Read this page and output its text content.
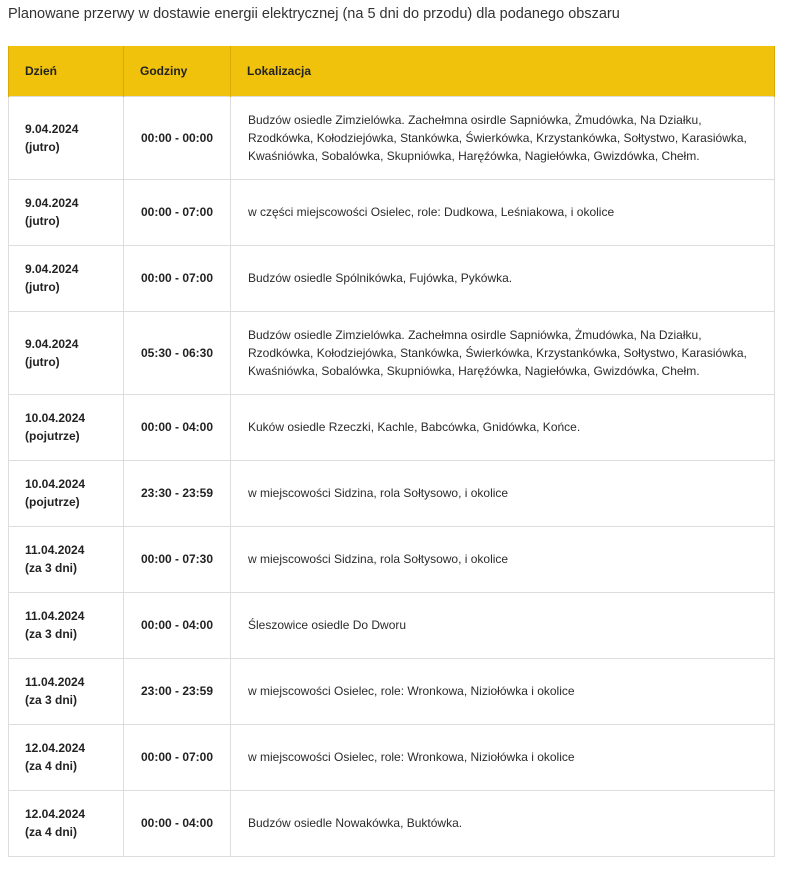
Planowane przerwy w dostawie energii elektrycznej (na 5 dni do przodu) dla podanego obszaru
Dzień	Godziny	Lokalizacja

9.04.2024
(jutro)	00:00 - 00:00	Budzów osiedle Zimzielówka. Zachełmna osirdle Sapniówka, Żmudówka, Na Działku, Rzodkówka, Kołodziejówka, Stankówka, Świerkówka, Krzystankówka, Sołtystwo, Karasiówka, Kwaśniówka, Sobalówka, Skupniówka, Haręźówka, Nagiełówka, Gwizdówka, Chełm.

9.04.2024
(jutro)	00:00 - 07:00	w części miejscowości Osielec, role: Dudkowa, Leśniakowa, i okolice

9.04.2024
(jutro)	00:00 - 07:00	Budzów osiedle Spólnikówka, Fujówka, Pykówka.

9.04.2024
(jutro)	05:30 - 06:30	Budzów osiedle Zimzielówka. Zachełmna osirdle Sapniówka, Żmudówka, Na Działku, Rzodkówka, Kołodziejówka, Stankówka, Świerkówka, Krzystankówka, Sołtystwo, Karasiówka, Kwaśniówka, Sobalówka, Skupniówka, Haręźówka, Nagiełówka, Gwizdówka, Chełm.

10.04.2024
(pojutrze)	00:00 - 04:00	Kuków osiedle Rzeczki, Kachle, Babcówka, Gnidówka, Końce.

10.04.2024
(pojutrze)	23:30 - 23:59	w miejscowości Sidzina, rola Sołtysowo, i okolice

11.04.2024
(za 3 dni)	00:00 - 07:30	w miejscowości Sidzina, rola Sołtysowo, i okolice

11.04.2024
(za 3 dni)	00:00 - 04:00	Śleszowice osiedle Do Dworu

11.04.2024
(za 3 dni)	23:00 - 23:59	w miejscowości Osielec, role: Wronkowa, Niziołówka i okolice

12.04.2024
(za 4 dni)	00:00 - 07:00	w miejscowości Osielec, role: Wronkowa, Niziołówka i okolice

12.04.2024
(za 4 dni)	00:00 - 04:00	Budzów osiedle Nowakówka, Buktówka.
